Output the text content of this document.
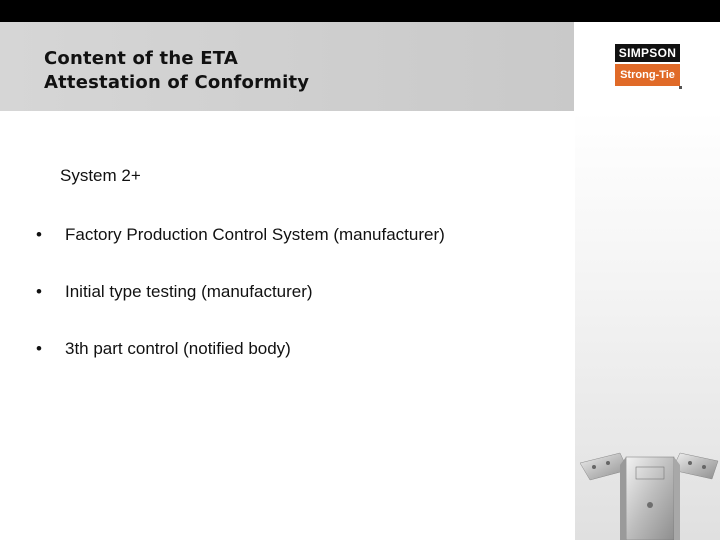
Content of the ETA
Attestation of Conformity
SIMPSON
Strong-Tie
System 2+
• Factory Production Control System (manufacturer)
• Initial type testing (manufacturer)
• 3th part control (notified body)
